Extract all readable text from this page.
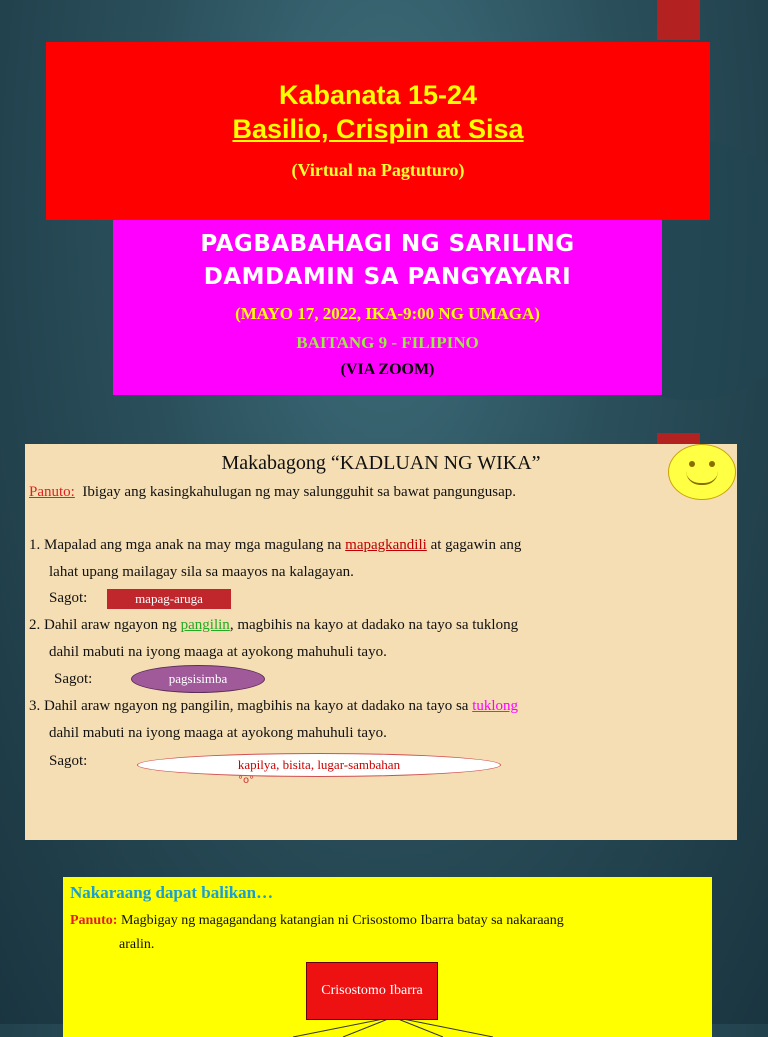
Kabanata 15-24
Basilio, Crispin at Sisa
(Virtual na Pagtuturo)
PAGBABAHAGI NG SARILING
DAMDAMIN SA PANGYAYARI
(MAYO 17, 2022, IKA-9:00 NG UMAGA)
BAITANG 9 - FILIPINO
(VIA ZOOM)
Makabagong “KADLUAN NG WIKA”
Panuto: Ibigay ang kasingkahulugan ng may salungguhit sa bawat pangungusap.
1. Mapalad ang mga anak na may mga magulang na mapagkandili at gagawin ang
lahat upang mailagay sila sa maayos na kalagayan.
Sagot:	mapag-aruga
2. Dahil araw ngayon ng pangilin, magbihis na kayo at dadako na tayo sa tuklong
dahil mabuti na iyong maaga at ayokong mahuhuli tayo.
Sagot:	pagsisimba
3. Dahil araw ngayon ng pangilin, magbihis na kayo at dadako na tayo sa tuklong
dahil mabuti na iyong maaga at ayokong mahuhuli tayo.
Sagot:	kapilya, bisita, lugar-sambahan
°o°
Nakaraang dapat balikan…
Panuto: Magbigay ng magagandang katangian ni Crisostomo Ibarra batay sa nakaraang
aralin.
Crisostomo Ibarra
